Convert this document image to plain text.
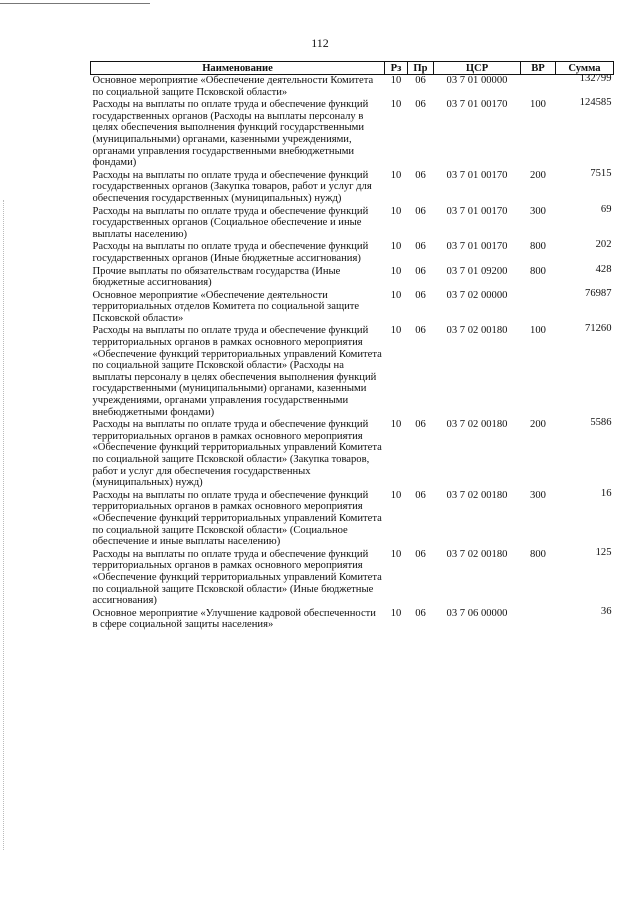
112
Наименование	Рз	Пр	ЦСР	ВР	Сумма
Основное мероприятие «Обеспечение деятельности Комитета по социальной защите Псковской области»	10	06	03 7 01 00000		132799
Расходы на выплаты по оплате труда и обеспечение функций государственных органов (Расходы на выплаты персоналу в целях обеспечения выполнения функций государственными (муниципальными) органами, казенными учреждениями, органами управления государственными внебюджетными фондами)	10	06	03 7 01 00170	100	124585
Расходы на выплаты по оплате труда и обеспечение функций государственных органов (Закупка товаров, работ и услуг для обеспечения государственных (муниципальных) нужд)	10	06	03 7 01 00170	200	7515
Расходы на выплаты по оплате труда и обеспечение функций государственных органов (Социальное обеспечение и иные выплаты населению)	10	06	03 7 01 00170	300	69
Расходы на выплаты по оплате труда и обеспечение функций государственных органов (Иные бюджетные ассигнования)	10	06	03 7 01 00170	800	202
Прочие выплаты по обязательствам государства (Иные бюджетные ассигнования)	10	06	03 7 01 09200	800	428
Основное мероприятие «Обеспечение деятельности территориальных отделов Комитета по социальной защите Псковской области»	10	06	03 7 02 00000		76987
Расходы на выплаты по оплате труда и обеспечение функций территориальных органов в рамках основного мероприятия «Обеспечение функций территориальных управлений Комитета по социальной защите Псковской области» (Расходы на выплаты персоналу в целях обеспечения выполнения функций государственными (муниципальными) органами, казенными учреждениями, органами управления государственными внебюджетными фондами)	10	06	03 7 02 00180	100	71260
Расходы на выплаты по оплате труда и обеспечение функций территориальных органов в рамках основного мероприятия «Обеспечение функций территориальных управлений Комитета по социальной защите Псковской области» (Закупка товаров, работ и услуг для обеспечения государственных (муниципальных) нужд)	10	06	03 7 02 00180	200	5586
Расходы на выплаты по оплате труда и обеспечение функций территориальных органов в рамках основного мероприятия «Обеспечение функций территориальных управлений Комитета по социальной защите Псковской области» (Социальное обеспечение и иные выплаты населению)	10	06	03 7 02 00180	300	16
Расходы на выплаты по оплате труда и обеспечение функций территориальных органов в рамках основного мероприятия «Обеспечение функций территориальных управлений Комитета по социальной защите Псковской области» (Иные бюджетные ассигнования)	10	06	03 7 02 00180	800	125
Основное мероприятие «Улучшение кадровой обеспеченности в сфере социальной защиты населения»	10	06	03 7 06 00000		36
